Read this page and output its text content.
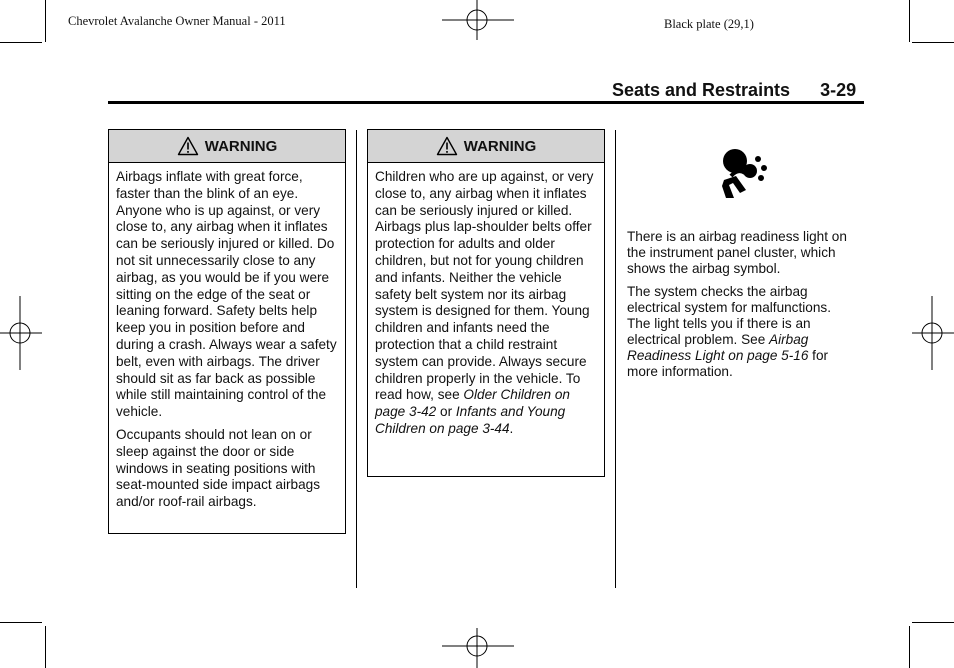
Chevrolet Avalanche Owner Manual - 2011	Black plate (29,1)
Seats and Restraints 3-29
WARNING

Airbags inflate with great force, faster than the blink of an eye. Anyone who is up against, or very close to, any airbag when it inflates can be seriously injured or killed. Do not sit unnecessarily close to any airbag, as you would be if you were sitting on the edge of the seat or leaning forward. Safety belts help keep you in position before and during a crash. Always wear a safety belt, even with airbags. The driver should sit as far back as possible while still maintaining control of the vehicle.

Occupants should not lean on or sleep against the door or side windows in seating positions with seat-mounted side impact airbags and/or roof-rail airbags.

WARNING

Children who are up against, or very close to, any airbag when it inflates can be seriously injured or killed. Airbags plus lap-shoulder belts offer protection for adults and older children, but not for young children and infants. Neither the vehicle safety belt system nor its airbag system is designed for them. Young children and infants need the protection that a child restraint system can provide. Always secure children properly in the vehicle. To read how, see Older Children on page 3-42 or Infants and Young Children on page 3-44.

There is an airbag readiness light on the instrument panel cluster, which shows the airbag symbol.

The system checks the airbag electrical system for malfunctions. The light tells you if there is an electrical problem. See Airbag Readiness Light on page 5-16 for more information.
